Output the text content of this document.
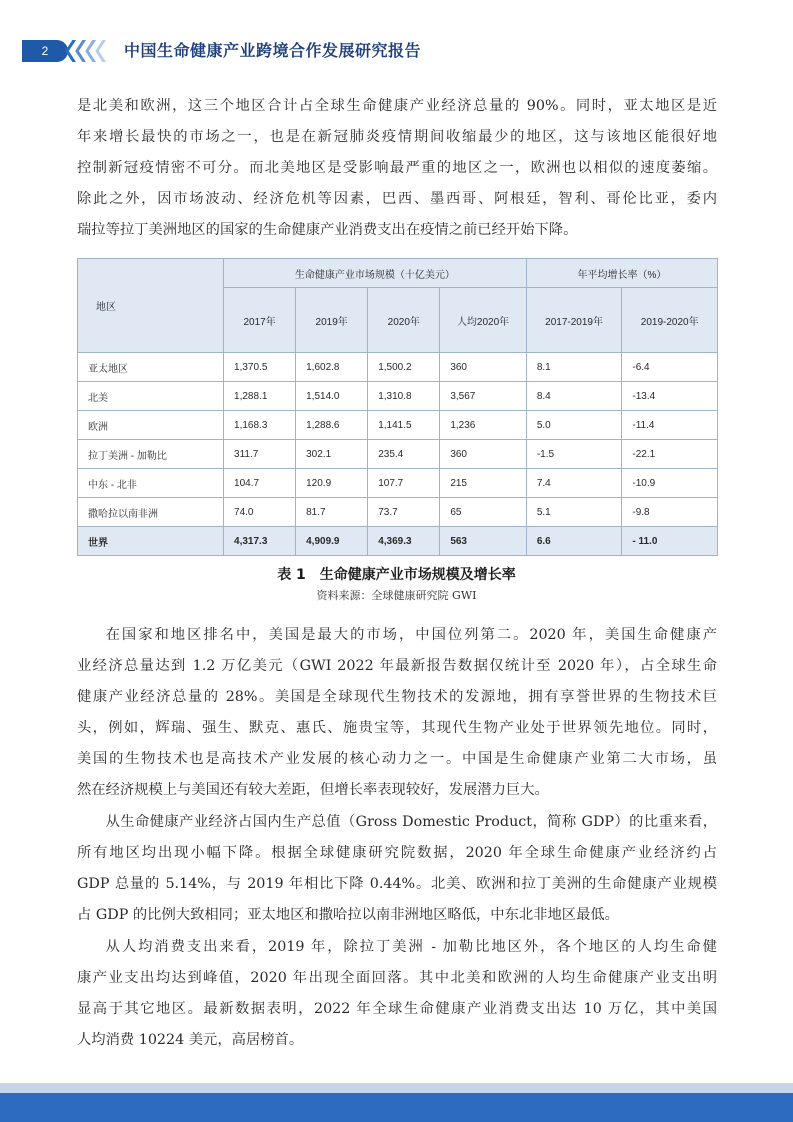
2	中国生命健康产业跨境合作发展研究报告
是北美和欧洲，这三个地区合计占全球生命健康产业经济总量的 90%。同时，亚太地区是近
年来增长最快的市场之一，也是在新冠肺炎疫情期间收缩最少的地区，这与该地区能很好地
控制新冠疫情密不可分。而北美地区是受影响最严重的地区之一，欧洲也以相似的速度萎缩。
除此之外，因市场波动、经济危机等因素，巴西、墨西哥、阿根廷，智利、哥伦比亚，委内
瑞拉等拉丁美洲地区的国家的生命健康产业消费支出在疫情之前已经开始下降。
地区	生命健康产业市场规模（十亿美元）				年平均增长率（%）	
	2017年	2019年	2020年	人均2020年	2017-2019年	2019-2020年
亚太地区	1,370.5	1,602.8	1,500.2	360	8.1	-6.4
北美	1,288.1	1,514.0	1,310.8	3,567	8.4	-13.4
欧洲	1,168.3	1,288.6	1,141.5	1,236	5.0	-11.4
拉丁美洲 - 加勒比	311.7	302.1	235.4	360	-1.5	-22.1
中东 - 北非	104.7	120.9	107.7	215	7.4	-10.9
撒哈拉以南非洲	74.0	81.7	73.7	65	5.1	-9.8
世界	4,317.3	4,909.9	4,369.3	563	6.6	- 11.0
表 1　生命健康产业市场规模及增长率
资料来源：全球健康研究院 GWI
在国家和地区排名中，美国是最大的市场，中国位列第二。2020 年，美国生命健康产
业经济总量达到 1.2 万亿美元（GWI 2022 年最新报告数据仅统计至 2020 年），占全球生命
健康产业经济总量的 28%。美国是全球现代生物技术的发源地，拥有享誉世界的生物技术巨
头，例如，辉瑞、强生、默克、惠氏、施贵宝等，其现代生物产业处于世界领先地位。同时，
美国的生物技术也是高技术产业发展的核心动力之一。中国是生命健康产业第二大市场，虽
然在经济规模上与美国还有较大差距，但增长率表现较好，发展潜力巨大。
从生命健康产业经济占国内生产总值（Gross Domestic Product，简称 GDP）的比重来看，
所有地区均出现小幅下降。根据全球健康研究院数据，2020 年全球生命健康产业经济约占
GDP 总量的 5.14%，与 2019 年相比下降 0.44%。北美、欧洲和拉丁美洲的生命健康产业规模
占 GDP 的比例大致相同；亚太地区和撒哈拉以南非洲地区略低，中东北非地区最低。
从人均消费支出来看，2019 年，除拉丁美洲 - 加勒比地区外，各个地区的人均生命健
康产业支出均达到峰值，2020 年出现全面回落。其中北美和欧洲的人均生命健康产业支出明
显高于其它地区。最新数据表明，2022 年全球生命健康产业消费支出达 10 万亿，其中美国
人均消费 10224 美元，高居榜首。
